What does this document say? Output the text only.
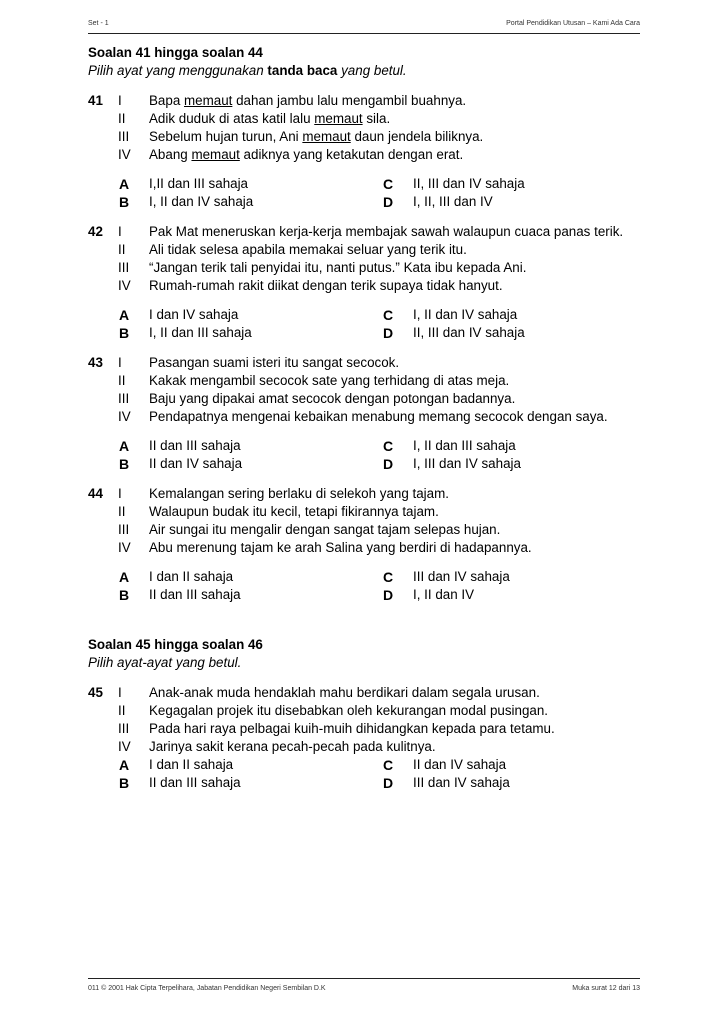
Set - 1	Portal Pendidikan Utusan – Kami Ada Cara

Soalan 41 hingga soalan 44

Pilih ayat yang menggunakan tanda baca yang betul.

41 I Bapa memaut dahan jambu lalu mengambil buahnya.
II Adik duduk di atas katil lalu memaut sila.
III Sebelum hujan turun, Ani memaut daun jendela biliknya.
IV Abang memaut adiknya yang ketakutan dengan erat.
A I,II dan III sahaja	C II, III dan IV sahaja
B I, II dan IV sahaja	D I, II, III dan IV
42 I Pak Mat meneruskan kerja-kerja membajak sawah walaupun cuaca panas terik.
II Ali tidak selesa apabila memakai seluar yang terik itu.
III “Jangan terik tali penyidai itu, nanti putus.” Kata ibu kepada Ani.
IV Rumah-rumah rakit diikat dengan terik supaya tidak hanyut.
A I dan IV sahaja	C I, II dan IV sahaja
B I, II dan III sahaja	D II, III dan IV sahaja
43 I Pasangan suami isteri itu sangat secocok.
II Kakak mengambil secocok sate yang terhidang di atas meja.
III Baju yang dipakai amat secocok dengan potongan badannya.
IV Pendapatnya mengenai kebaikan menabung memang secocok dengan saya.
A II dan III sahaja	C I, II dan III sahaja
B II dan IV sahaja	D I, III dan IV sahaja
44 I Kemalangan sering berlaku di selekoh yang tajam.
II Walaupun budak itu kecil, tetapi fikirannya tajam.
III Air sungai itu mengalir dengan sangat tajam selepas hujan.
IV Abu merenung tajam ke arah Salina yang berdiri di hadapannya.
A I dan II sahaja	C III dan IV sahaja
B II dan III sahaja	D I, II dan IV

Soalan 45 hingga soalan 46

Pilih ayat-ayat yang betul.

45 I Anak-anak muda hendaklah mahu berdikari dalam segala urusan.
II Kegagalan projek itu disebabkan oleh kekurangan modal pusingan.
III Pada hari raya pelbagai kuih-muih dihidangkan kepada para tetamu.
IV Jarinya sakit kerana pecah-pecah pada kulitnya.
A I dan II sahaja	C II dan IV sahaja
B II dan III sahaja	D III dan IV sahaja
011 © 2001 Hak Cipta Terpelihara, Jabatan Pendidikan Negeri Sembilan D.K	Muka surat 12 dari 13
